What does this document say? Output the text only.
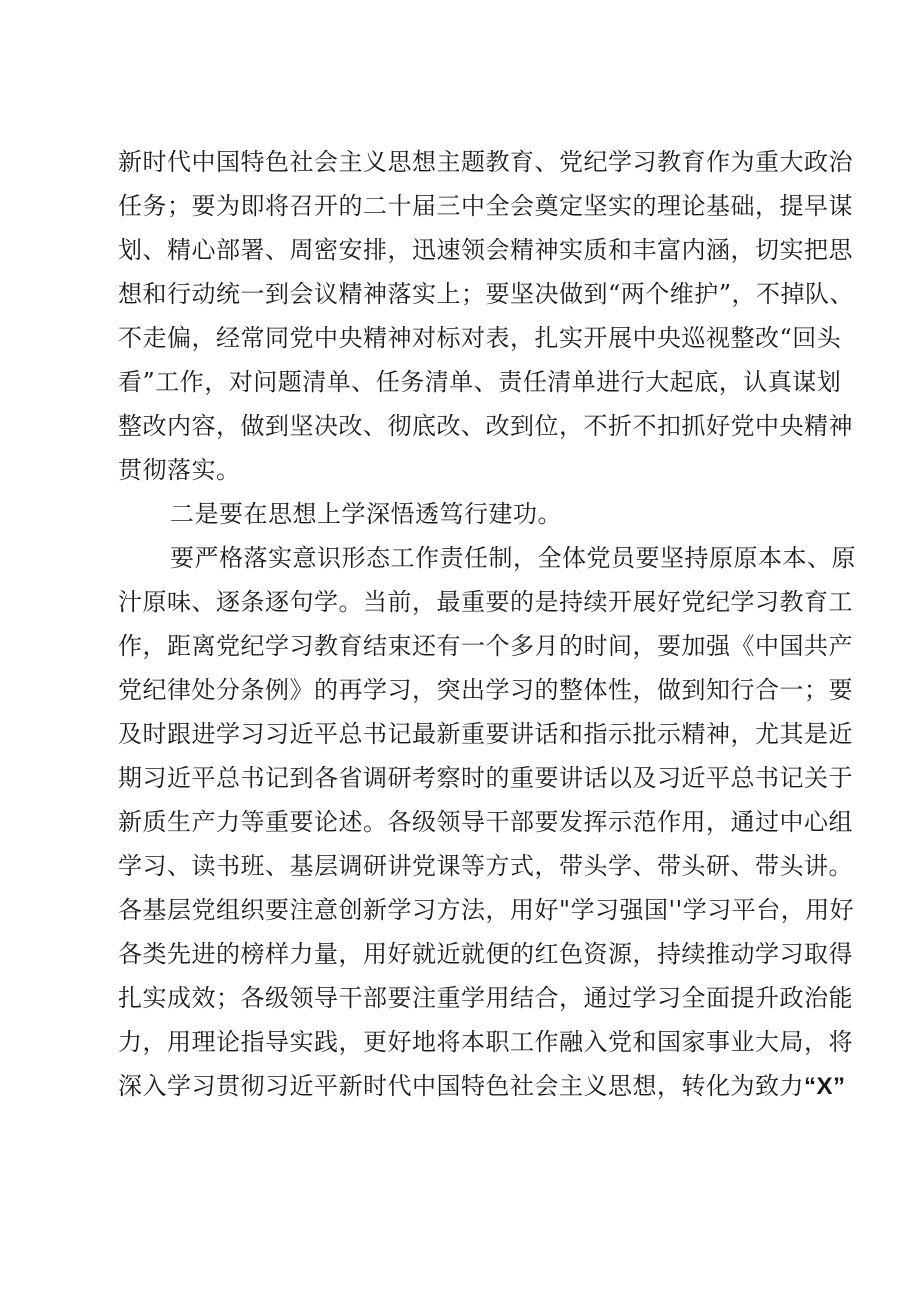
新时代中国特色社会主义思想主题教育、党纪学习教育作为重大政治
任务；要为即将召开的二十届三中全会奠定坚实的理论基础，提早谋
划、精心部署、周密安排，迅速领会精神实质和丰富内涵，切实把思
想和行动统一到会议精神落实上；要坚决做到“两个维护”，不掉队、
不走偏，经常同党中央精神对标对表，扎实开展中央巡视整改“回头
看”工作，对问题清单、任务清单、责任清单进行大起底，认真谋划
整改内容，做到坚决改、彻底改、改到位，不折不扣抓好党中央精神
贯彻落实。
二是要在思想上学深悟透笃行建功。
要严格落实意识形态工作责任制，全体党员要坚持原原本本、原
汁原味、逐条逐句学。当前，最重要的是持续开展好党纪学习教育工
作，距离党纪学习教育结束还有一个多月的时间，要加强《中国共产
党纪律处分条例》的再学习，突出学习的整体性，做到知行合一；要
及时跟进学习习近平总书记最新重要讲话和指示批示精神，尤其是近
期习近平总书记到各省调研考察时的重要讲话以及习近平总书记关于
新质生产力等重要论述。各级领导干部要发挥示范作用，通过中心组
学习、读书班、基层调研讲党课等方式，带头学、带头研、带头讲。
各基层党组织要注意创新学习方法，用好"学习强国''学习平台，用好
各类先进的榜样力量，用好就近就便的红色资源，持续推动学习取得
扎实成效；各级领导干部要注重学用结合，通过学习全面提升政治能
力，用理论指导实践，更好地将本职工作融入党和国家事业大局，将
深入学习贯彻习近平新时代中国特色社会主义思想，转化为致力“X”
